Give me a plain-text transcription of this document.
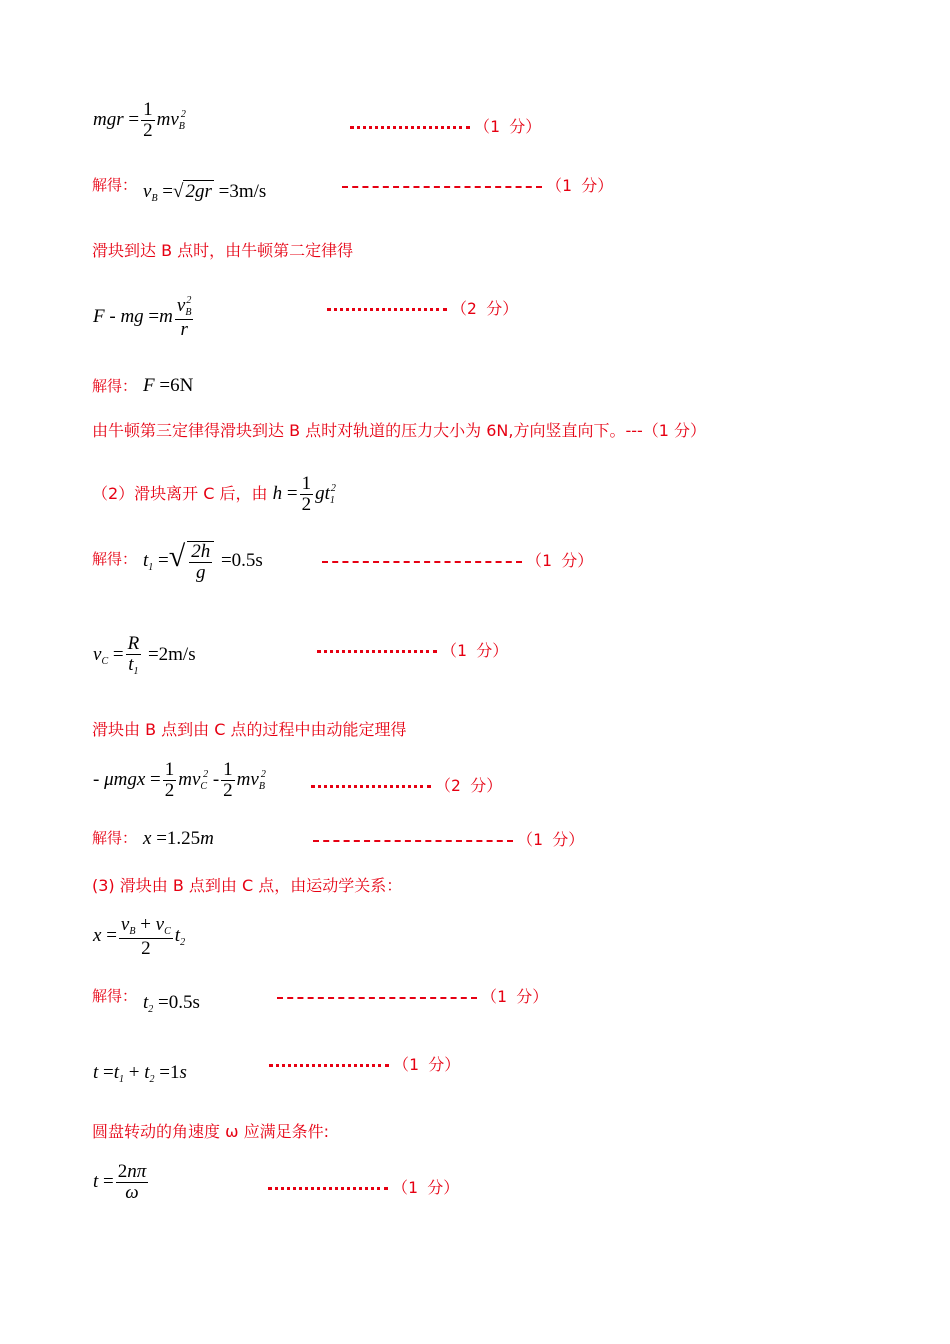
mgr = $\frac{1}{2} mv_B^2$
（1 分）
解得： $v_B$ =√ 2gr =3m/s	（1 分）
滑块到达 B 点时，由牛顿第二定律得
F - mg $=m \frac{v_B^2}{r}$	（2 分）
解得： F =6N
由牛顿第三定律得滑块到达 B 点时对轨道的压力大小为 6N,方向竖直向下。---（1 分）
（2）滑块离开 C 后，由 $h = \frac{1}{2} gt_1^2$
解得： $t_1$ =√ $\frac{2h}{g} =0.5s$	（1 分）
$v_C = \frac{R}{t_1} =2m/s$	（1 分）
滑块由 B 点到由 C 点的过程中由动能定理得
- $\mu mgx = \frac{1}{2} mv_C^2 - \frac{1}{2} mv_B^2$
（2 分）
解得： x =1.25m	（1 分）
(3) 滑块由 B 点到由 C 点，由运动学关系：
$x = \frac{v_B + v_C}{2} t_2$
解得： $t_2 =0.5s$	（1 分）
$t =t_1 + t_2 =1s$	（1 分）
圆盘转动的角速度 ω 应满足条件:
$t = \frac{2n\pi}{\omega}$	（1 分）
